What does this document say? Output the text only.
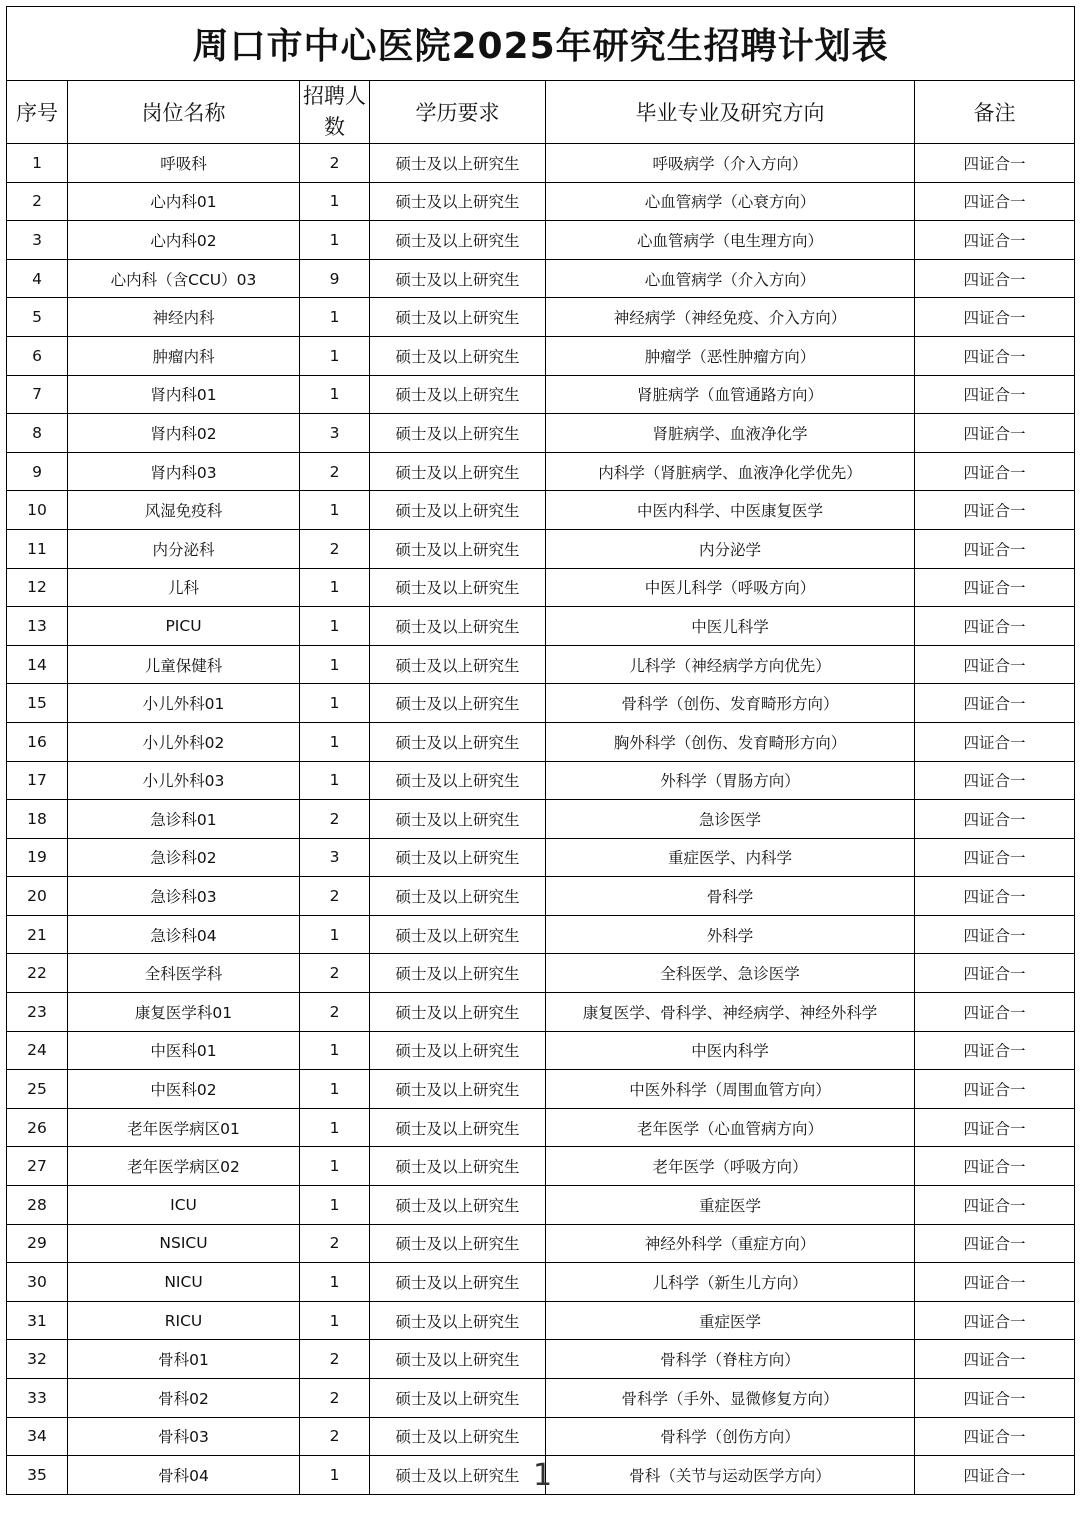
周口市中心医院2025年研究生招聘计划表					
序号	岗位名称	招聘人数	学历要求	毕业专业及研究方向	备注
1	呼吸科	2	硕士及以上研究生	呼吸病学（介入方向）	四证合一
2	心内科01	1	硕士及以上研究生	心血管病学（心衰方向）	四证合一
3	心内科02	1	硕士及以上研究生	心血管病学（电生理方向）	四证合一
4	心内科（含CCU）03	9	硕士及以上研究生	心血管病学（介入方向）	四证合一
5	神经内科	1	硕士及以上研究生	神经病学（神经免疫、介入方向）	四证合一
6	肿瘤内科	1	硕士及以上研究生	肿瘤学（恶性肿瘤方向）	四证合一
7	肾内科01	1	硕士及以上研究生	肾脏病学（血管通路方向）	四证合一
8	肾内科02	3	硕士及以上研究生	肾脏病学、血液净化学	四证合一
9	肾内科03	2	硕士及以上研究生	内科学（肾脏病学、血液净化学优先）	四证合一
10	风湿免疫科	1	硕士及以上研究生	中医内科学、中医康复医学	四证合一
11	内分泌科	2	硕士及以上研究生	内分泌学	四证合一
12	儿科	1	硕士及以上研究生	中医儿科学（呼吸方向）	四证合一
13	PICU	1	硕士及以上研究生	中医儿科学	四证合一
14	儿童保健科	1	硕士及以上研究生	儿科学（神经病学方向优先）	四证合一
15	小儿外科01	1	硕士及以上研究生	骨科学（创伤、发育畸形方向）	四证合一
16	小儿外科02	1	硕士及以上研究生	胸外科学（创伤、发育畸形方向）	四证合一
17	小儿外科03	1	硕士及以上研究生	外科学（胃肠方向）	四证合一
18	急诊科01	2	硕士及以上研究生	急诊医学	四证合一
19	急诊科02	3	硕士及以上研究生	重症医学、内科学	四证合一
20	急诊科03	2	硕士及以上研究生	骨科学	四证合一
21	急诊科04	1	硕士及以上研究生	外科学	四证合一
22	全科医学科	2	硕士及以上研究生	全科医学、急诊医学	四证合一
23	康复医学科01	2	硕士及以上研究生	康复医学、骨科学、神经病学、神经外科学	四证合一
24	中医科01	1	硕士及以上研究生	中医内科学	四证合一
25	中医科02	1	硕士及以上研究生	中医外科学（周围血管方向）	四证合一
26	老年医学病区01	1	硕士及以上研究生	老年医学（心血管病方向）	四证合一
27	老年医学病区02	1	硕士及以上研究生	老年医学（呼吸方向）	四证合一
28	ICU	1	硕士及以上研究生	重症医学	四证合一
29	NSICU	2	硕士及以上研究生	神经外科学（重症方向）	四证合一
30	NICU	1	硕士及以上研究生	儿科学（新生儿方向）	四证合一
31	RICU	1	硕士及以上研究生	重症医学	四证合一
32	骨科01	2	硕士及以上研究生	骨科学（脊柱方向）	四证合一
33	骨科02	2	硕士及以上研究生	骨科学（手外、显微修复方向）	四证合一
34	骨科03	2	硕士及以上研究生	骨科学（创伤方向）	四证合一
35	骨科04	1	硕士及以上研究生	骨科（关节与运动医学方向）	四证合一
1
